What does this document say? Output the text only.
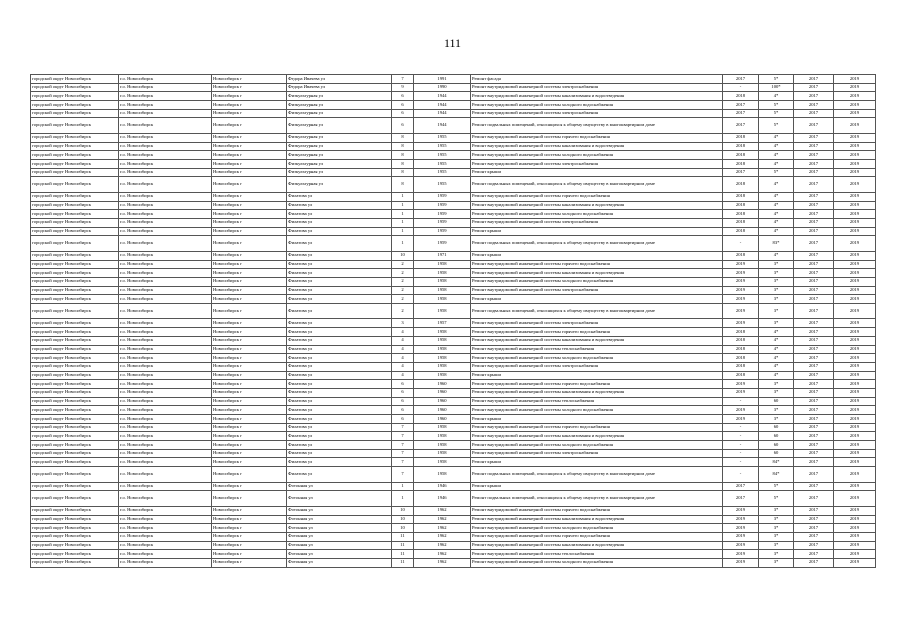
111
городской округ Новосибирск	г.о. Новосибирск	Новосибирск г	Федора Ивачева ул	7	1991	Ремонт фасада	2017	5*	2017	2019
городской округ Новосибирск	г.о. Новосибирск	Новосибирск г	Федора Ивачева ул	9	1990	Ремонт внутридомовой инженерной системы электроснабжения	-	100*	2017	2019
городской округ Новосибирск	г.о. Новосибирск	Новосибирск г	Физкультурная ул	6	1944	Ремонт внутридомовой инженерной системы канализования и водоотведения	2018	4*	2017	2019
городской округ Новосибирск	г.о. Новосибирск	Новосибирск г	Физкультурная ул	6	1944	Ремонт внутридомовой инженерной системы холодного водоснабжения	2017	5*	2017	2019
городской округ Новосибирск	г.о. Новосибирск	Новосибирск г	Физкультурная ул	6	1944	Ремонт внутридомовой инженерной системы электроснабжения	2017	5*	2017	2019
городской округ Новосибирск	г.о. Новосибирск	Новосибирск г	Физкультурная ул	6	1944	Ремонт подвальных помещений, относящихся к общему имуществу в многоквартирном доме	2017	5*	2017	2019
городской округ Новосибирск	г.о. Новосибирск	Новосибирск г	Физкультурная ул	8	1955	Ремонт внутридомовой инженерной системы горячего водоснабжения	2018	4*	2017	2019
городской округ Новосибирск	г.о. Новосибирск	Новосибирск г	Физкультурная ул	8	1955	Ремонт внутридомовой инженерной системы канализования и водоотведения	2018	4*	2017	2019
городской округ Новосибирск	г.о. Новосибирск	Новосибирск г	Физкультурная ул	8	1955	Ремонт внутридомовой инженерной системы холодного водоснабжения	2018	4*	2017	2019
городской округ Новосибирск	г.о. Новосибирск	Новосибирск г	Физкультурная ул	8	1955	Ремонт внутридомовой инженерной системы электроснабжения	2018	4*	2017	2019
городской округ Новосибирск	г.о. Новосибирск	Новосибирск г	Физкультурная ул	8	1955	Ремонт крыши	2017	5*	2017	2019
городской округ Новосибирск	г.о. Новосибирск	Новосибирск г	Физкультурная ул	8	1955	Ремонт подвальных помещений, относящихся к общему имуществу в многоквартирном доме	2018	4*	2017	2019
городской округ Новосибирск	г.о. Новосибирск	Новосибирск г	Филатова ул	1	1959	Ремонт внутридомовой инженерной системы горячего водоснабжения	2018	4*	2017	2019
городской округ Новосибирск	г.о. Новосибирск	Новосибирск г	Филатова ул	1	1959	Ремонт внутридомовой инженерной системы канализования и водоотведения	2018	4*	2017	2019
городской округ Новосибирск	г.о. Новосибирск	Новосибирск г	Филатова ул	1	1959	Ремонт внутридомовой инженерной системы холодного водоснабжения	2018	4*	2017	2019
городской округ Новосибирск	г.о. Новосибирск	Новосибирск г	Филатова ул	1	1959	Ремонт внутридомовой инженерной системы электроснабжения	2018	4*	2017	2019
городской округ Новосибирск	г.о. Новосибирск	Новосибирск г	Филатова ул	1	1959	Ремонт крыши	2018	4*	2017	2019
городской округ Новосибирск	г.о. Новосибирск	Новосибирск г	Филатова ул	1	1959	Ремонт подвальных помещений, относящихся к общему имуществу в многоквартирном доме	-	83*	2017	2019
городской округ Новосибирск	г.о. Новосибирск	Новосибирск г	Филатова ул	10	1971	Ремонт крыши	2018	4*	2017	2019
городской округ Новосибирск	г.о. Новосибирск	Новосибирск г	Филатова ул	2	1958	Ремонт внутридомовой инженерной системы горячего водоснабжения	2019	3*	2017	2019
городской округ Новосибирск	г.о. Новосибирск	Новосибирск г	Филатова ул	2	1958	Ремонт внутридомовой инженерной системы канализования и водоотведения	2019	3*	2017	2019
городской округ Новосибирск	г.о. Новосибирск	Новосибирск г	Филатова ул	2	1958	Ремонт внутридомовой инженерной системы холодного водоснабжения	2019	3*	2017	2019
городской округ Новосибирск	г.о. Новосибирск	Новосибирск г	Филатова ул	2	1958	Ремонт внутридомовой инженерной системы электроснабжения	2019	3*	2017	2019
городской округ Новосибирск	г.о. Новосибирск	Новосибирск г	Филатова ул	2	1958	Ремонт крыши	2019	3*	2017	2019
городской округ Новосибирск	г.о. Новосибирск	Новосибирск г	Филатова ул	2	1958	Ремонт подвальных помещений, относящихся к общему имуществу в многоквартирном доме	2019	3*	2017	2019
городской округ Новосибирск	г.о. Новосибирск	Новосибирск г	Филатова ул	3	1957	Ремонт внутридомовой инженерной системы электроснабжения	2019	3*	2017	2019
городской округ Новосибирск	г.о. Новосибирск	Новосибирск г	Филатова ул	4	1958	Ремонт внутридомовой инженерной системы горячего водоснабжения	2018	4*	2017	2019
городской округ Новосибирск	г.о. Новосибирск	Новосибирск г	Филатова ул	4	1958	Ремонт внутридомовой инженерной системы канализования и водоотведения	2018	4*	2017	2019
городской округ Новосибирск	г.о. Новосибирск	Новосибирск г	Филатова ул	4	1958	Ремонт внутридомовой инженерной системы теплоснабжения	2018	4*	2017	2019
городской округ Новосибирск	г.о. Новосибирск	Новосибирск г	Филатова ул	4	1958	Ремонт внутридомовой инженерной системы холодного водоснабжения	2018	4*	2017	2019
городской округ Новосибирск	г.о. Новосибирск	Новосибирск г	Филатова ул	4	1958	Ремонт внутридомовой инженерной системы электроснабжения	2018	4*	2017	2019
городской округ Новосибирск	г.о. Новосибирск	Новосибирск г	Филатова ул	4	1958	Ремонт крыши	2018	4*	2017	2019
городской округ Новосибирск	г.о. Новосибирск	Новосибирск г	Филатова ул	6	1960	Ремонт внутридомовой инженерной системы горячего водоснабжения	2019	3*	2017	2019
городской округ Новосибирск	г.о. Новосибирск	Новосибирск г	Филатова ул	6	1960	Ремонт внутридомовой инженерной системы канализования и водоотведения	2019	3*	2017	2019
городской округ Новосибирск	г.о. Новосибирск	Новосибирск г	Филатова ул	6	1960	Ремонт внутридомовой инженерной системы теплоснабжения	-	60	2017	2019
городской округ Новосибирск	г.о. Новосибирск	Новосибирск г	Филатова ул	6	1960	Ремонт внутридомовой инженерной системы холодного водоснабжения	2019	3*	2017	2019
городской округ Новосибирск	г.о. Новосибирск	Новосибирск г	Филатова ул	6	1960	Ремонт крыши	2019	3*	2017	2019
городской округ Новосибирск	г.о. Новосибирск	Новосибирск г	Филатова ул	7	1958	Ремонт внутридомовой инженерной системы горячего водоснабжения	-	60	2017	2019
городской округ Новосибирск	г.о. Новосибирск	Новосибирск г	Филатова ул	7	1958	Ремонт внутридомовой инженерной системы канализования и водоотведения	-	60	2017	2019
городской округ Новосибирск	г.о. Новосибирск	Новосибирск г	Филатова ул	7	1958	Ремонт внутридомовой инженерной системы холодного водоснабжения	-	60	2017	2019
городской округ Новосибирск	г.о. Новосибирск	Новосибирск г	Филатова ул	7	1958	Ремонт внутридомовой инженерной системы электроснабжения	-	60	2017	2019
городской округ Новосибирск	г.о. Новосибирск	Новосибирск г	Филатова ул	7	1958	Ремонт крыши	-	84*	2017	2019
городской округ Новосибирск	г.о. Новосибирск	Новосибирск г	Филатова ул	7	1958	Ремонт подвальных помещений, относящихся к общему имуществу в многоквартирном доме	-	84*	2017	2019
городской округ Новосибирск	г.о. Новосибирск	Новосибирск г	Фотонная ул	1	1946	Ремонт крыши	2017	5*	2017	2019
городской округ Новосибирск	г.о. Новосибирск	Новосибирск г	Фотонная ул	1	1946	Ремонт подвальных помещений, относящихся к общему имуществу в многоквартирном доме	2017	5*	2017	2019
городской округ Новосибирск	г.о. Новосибирск	Новосибирск г	Фотонная ул	10	1962	Ремонт внутридомовой инженерной системы горячего водоснабжения	2019	3*	2017	2019
городской округ Новосибирск	г.о. Новосибирск	Новосибирск г	Фотонная ул	10	1962	Ремонт внутридомовой инженерной системы канализования и водоотведения	2019	3*	2017	2019
городской округ Новосибирск	г.о. Новосибирск	Новосибирск г	Фотонная ул	10	1962	Ремонт внутридомовой инженерной системы холодного водоснабжения	2019	3*	2017	2019
городской округ Новосибирск	г.о. Новосибирск	Новосибирск г	Фотонная ул	11	1962	Ремонт внутридомовой инженерной системы горячего водоснабжения	2019	3*	2017	2019
городской округ Новосибирск	г.о. Новосибирск	Новосибирск г	Фотонная ул	11	1962	Ремонт внутридомовой инженерной системы канализования и водоотведения	2019	3*	2017	2019
городской округ Новосибирск	г.о. Новосибирск	Новосибирск г	Фотонная ул	11	1962	Ремонт внутридомовой инженерной системы теплоснабжения	2019	3*	2017	2019
городской округ Новосибирск	г.о. Новосибирск	Новосибирск г	Фотонная ул	11	1962	Ремонт внутридомовой инженерной системы холодного водоснабжения	2019	3*	2017	2019
